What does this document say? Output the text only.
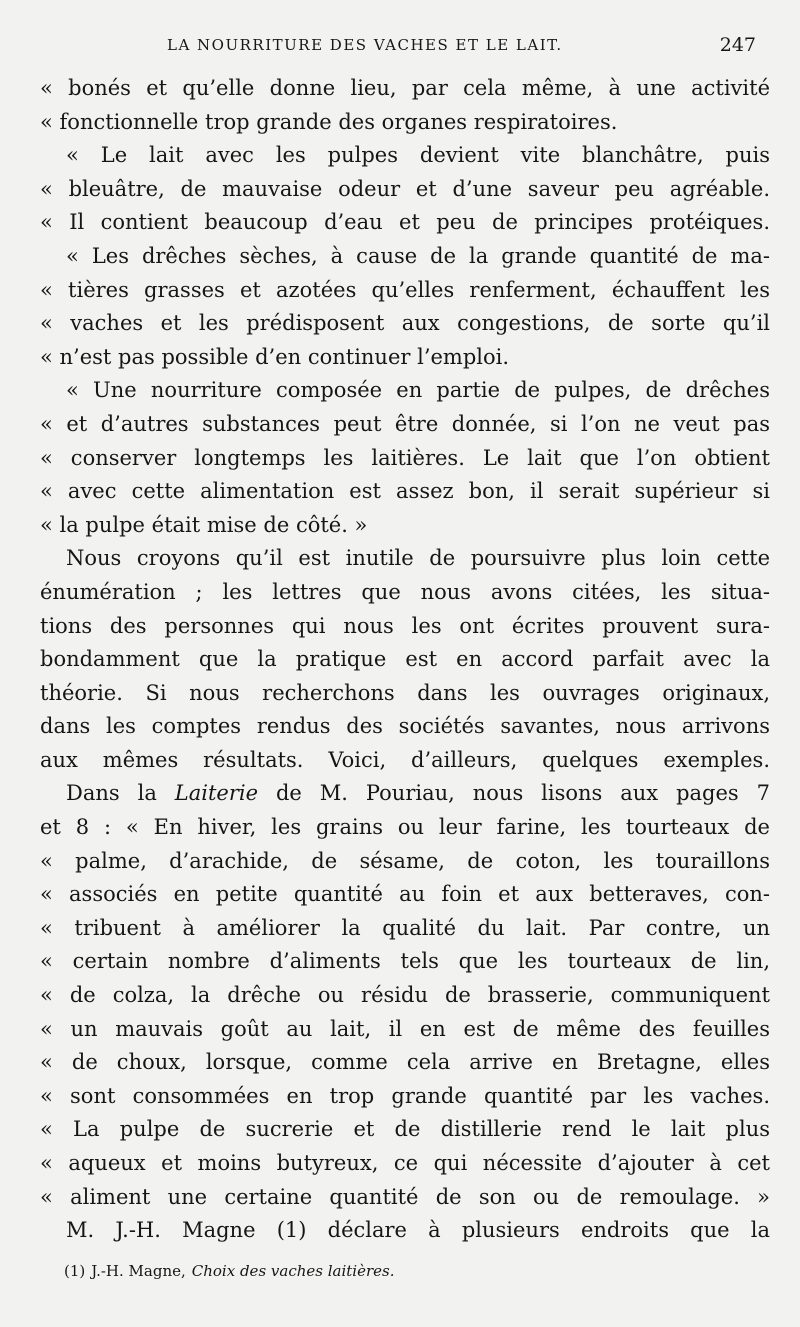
LA NOURRITURE DES VACHES ET LE LAIT.	247
« bonés et qu’elle donne lieu, par cela même, à une activité
« fonctionnelle trop grande des organes respiratoires.
« Le lait avec les pulpes devient vite blanchâtre, puis
« bleuâtre, de mauvaise odeur et d’une saveur peu agréable.
« Il contient beaucoup d’eau et peu de principes protéiques.
« Les drêches sèches, à cause de la grande quantité de ma-
« tières grasses et azotées qu’elles renferment, échauffent les
« vaches et les prédisposent aux congestions, de sorte qu’il
« n’est pas possible d’en continuer l’emploi.
« Une nourriture composée en partie de pulpes, de drêches
« et d’autres substances peut être donnée, si l’on ne veut pas
« conserver longtemps les laitières. Le lait que l’on obtient
« avec cette alimentation est assez bon, il serait supérieur si
« la pulpe était mise de côté. »
Nous croyons qu’il est inutile de poursuivre plus loin cette
énumération ; les lettres que nous avons citées, les situa-
tions des personnes qui nous les ont écrites prouvent sura-
bondamment que la pratique est en accord parfait avec la
théorie. Si nous recherchons dans les ouvrages originaux,
dans les comptes rendus des sociétés savantes, nous arrivons
aux mêmes résultats. Voici, d’ailleurs, quelques exemples.
Dans la Laiterie de M. Pouriau, nous lisons aux pages 7
et 8 : « En hiver, les grains ou leur farine, les tourteaux de
« palme, d’arachide, de sésame, de coton, les touraillons
« associés en petite quantité au foin et aux betteraves, con-
« tribuent à améliorer la qualité du lait. Par contre, un
« certain nombre d’aliments tels que les tourteaux de lin,
« de colza, la drêche ou résidu de brasserie, communiquent
« un mauvais goût au lait, il en est de même des feuilles
« de choux, lorsque, comme cela arrive en Bretagne, elles
« sont consommées en trop grande quantité par les vaches.
« La pulpe de sucrerie et de distillerie rend le lait plus
« aqueux et moins butyreux, ce qui nécessite d’ajouter à cet
« aliment une certaine quantité de son ou de remoulage. »
M. J.-H. Magne (1) déclare à plusieurs endroits que la
(1) J.-H. Magne, Choix des vaches laitières.
